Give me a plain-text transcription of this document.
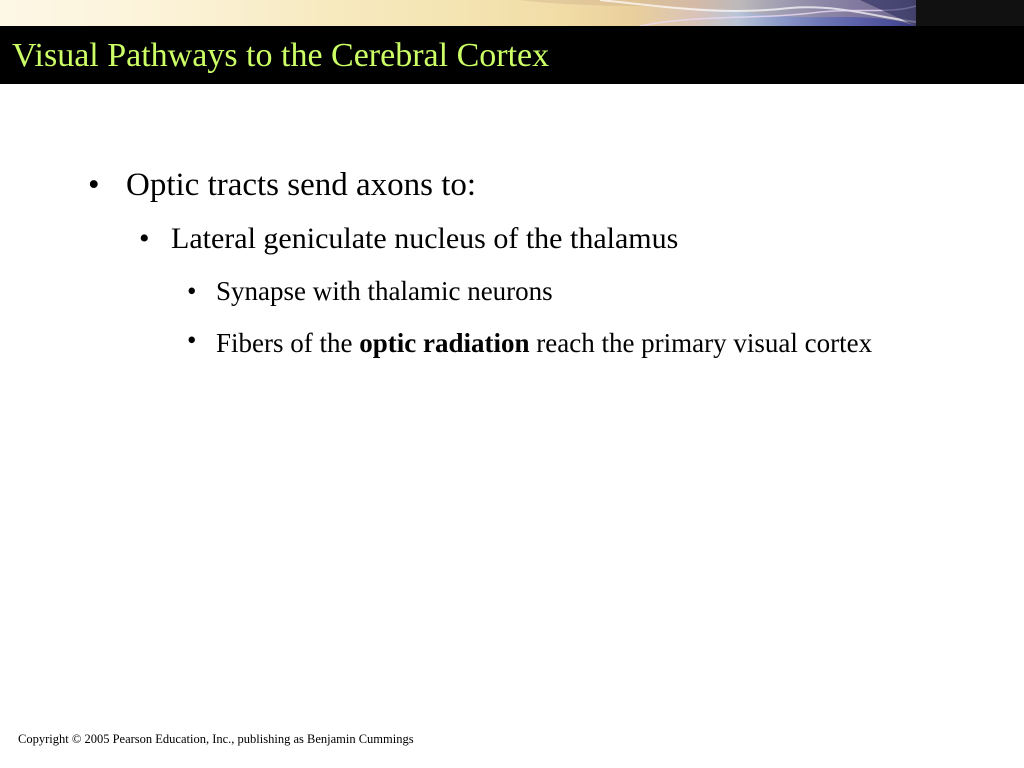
Visual Pathways to the Cerebral Cortex
• Optic tracts send axons to:
• Lateral geniculate nucleus of the thalamus
• Synapse with thalamic neurons
• Fibers of the optic radiation reach the primary visual cortex
Copyright © 2005 Pearson Education, Inc., publishing as Benjamin Cummings
